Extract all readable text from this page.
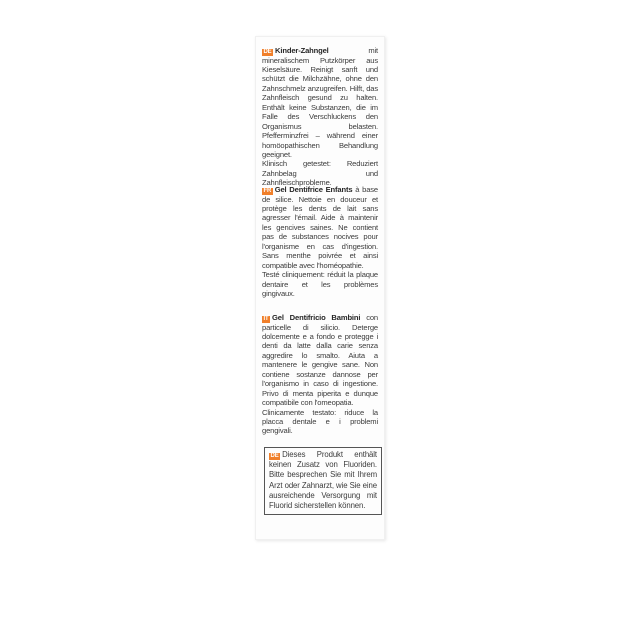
DE Kinder-Zahngel mit mineralischem Putzkörper aus Kieselsäure. Reinigt sanft und schützt die Milchzähne, ohne den Zahnschmelz anzugreifen. Hilft, das Zahnfleisch gesund zu halten. Enthält keine Substanzen, die im Falle des Verschluckens den Organismus belasten. Pfefferminzfrei – während einer homöopathischen Behandlung geeignet.
Klinisch getestet: Reduziert Zahnbelag und Zahnfleischprobleme.
FR Gel Dentifrice Enfants à base de silice. Nettoie en douceur et protège les dents de lait sans agresser l'émail. Aide à maintenir les gencives saines. Ne contient pas de substances nocives pour l'organisme en cas d'ingestion. Sans menthe poivrée et ainsi compatible avec l'homéopathie.
Testé cliniquement: réduit la plaque dentaire et les problèmes gingivaux.
IT Gel Dentifricio Bambini con particelle di silicio. Deterge dolcemente e a fondo e protegge i denti da latte dalla carie senza aggredire lo smalto. Aiuta a mantenere le gengive sane. Non contiene sostanze dannose per l'organismo in caso di ingestione. Privo di menta piperita e dunque compatibile con l'omeopatia.
Clinicamente testato: riduce la placca dentale e i problemi gengivali.
DE Dieses Produkt enthält keinen Zusatz von Fluoriden. Bitte besprechen Sie mit Ihrem Arzt oder Zahnarzt, wie Sie eine ausreichende Versorgung mit Fluorid sicherstellen können.
